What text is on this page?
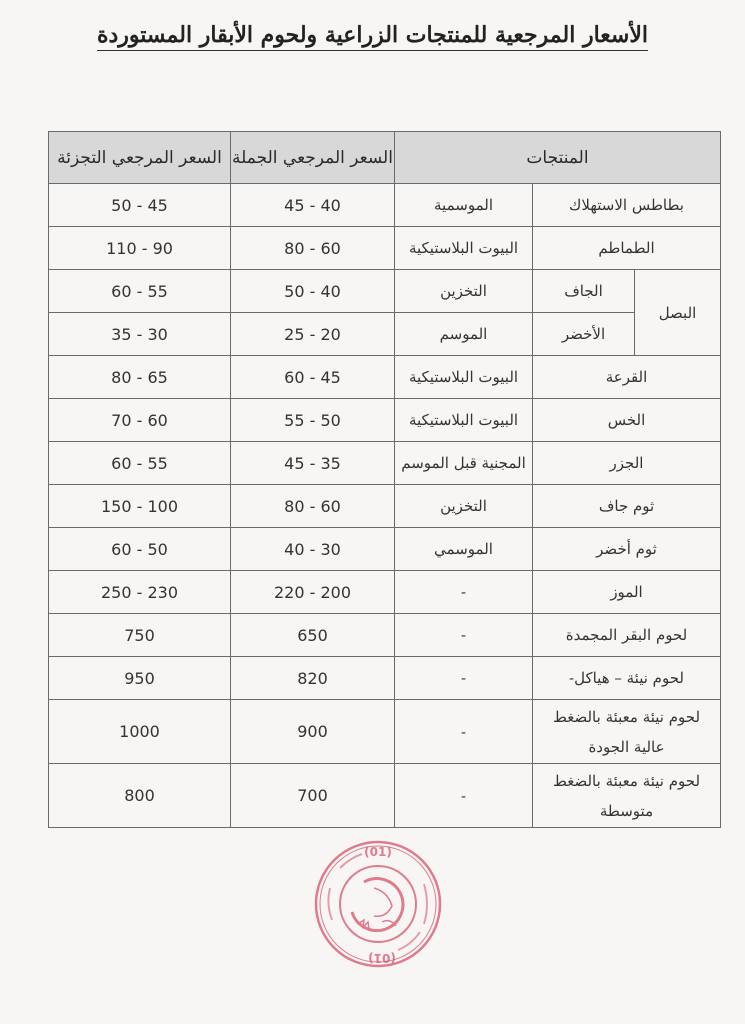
الأسعار المرجعية للمنتجات الزراعية ولحوم الأبقار المستوردة
المنتجات			السعر المرجعي الجملة	السعر المرجعي التجزئة
بطاطس الاستهلاك		الموسمية	45 - 40	50 - 45
الطماطم		البيوت البلاستيكية	80 - 60	110 - 90
البصل	الجاف	التخزين	50 - 40	60 - 55
	الأخضر	الموسم	25 - 20	35 - 30
القرعة		البيوت البلاستيكية	60 - 45	80 - 65
الخس		البيوت البلاستيكية	55 - 50	70 - 60
الجزر		المجنية قبل الموسم	45 - 35	60 - 55
ثوم جاف		التخزين	80 - 60	150 - 100
ثوم أخضر		الموسمي	40 - 30	60 - 50
الموز		-	220 - 200	250 - 230
لحوم البقر المجمدة		-	650	750
لحوم نيئة – هياكل-		-	820	950

لحوم نيئة معبئة بالضغط
عالية الجودة		-	900	1000

لحوم نيئة معبئة بالضغط
متوسطة		-	700	800
(01)
(01)
